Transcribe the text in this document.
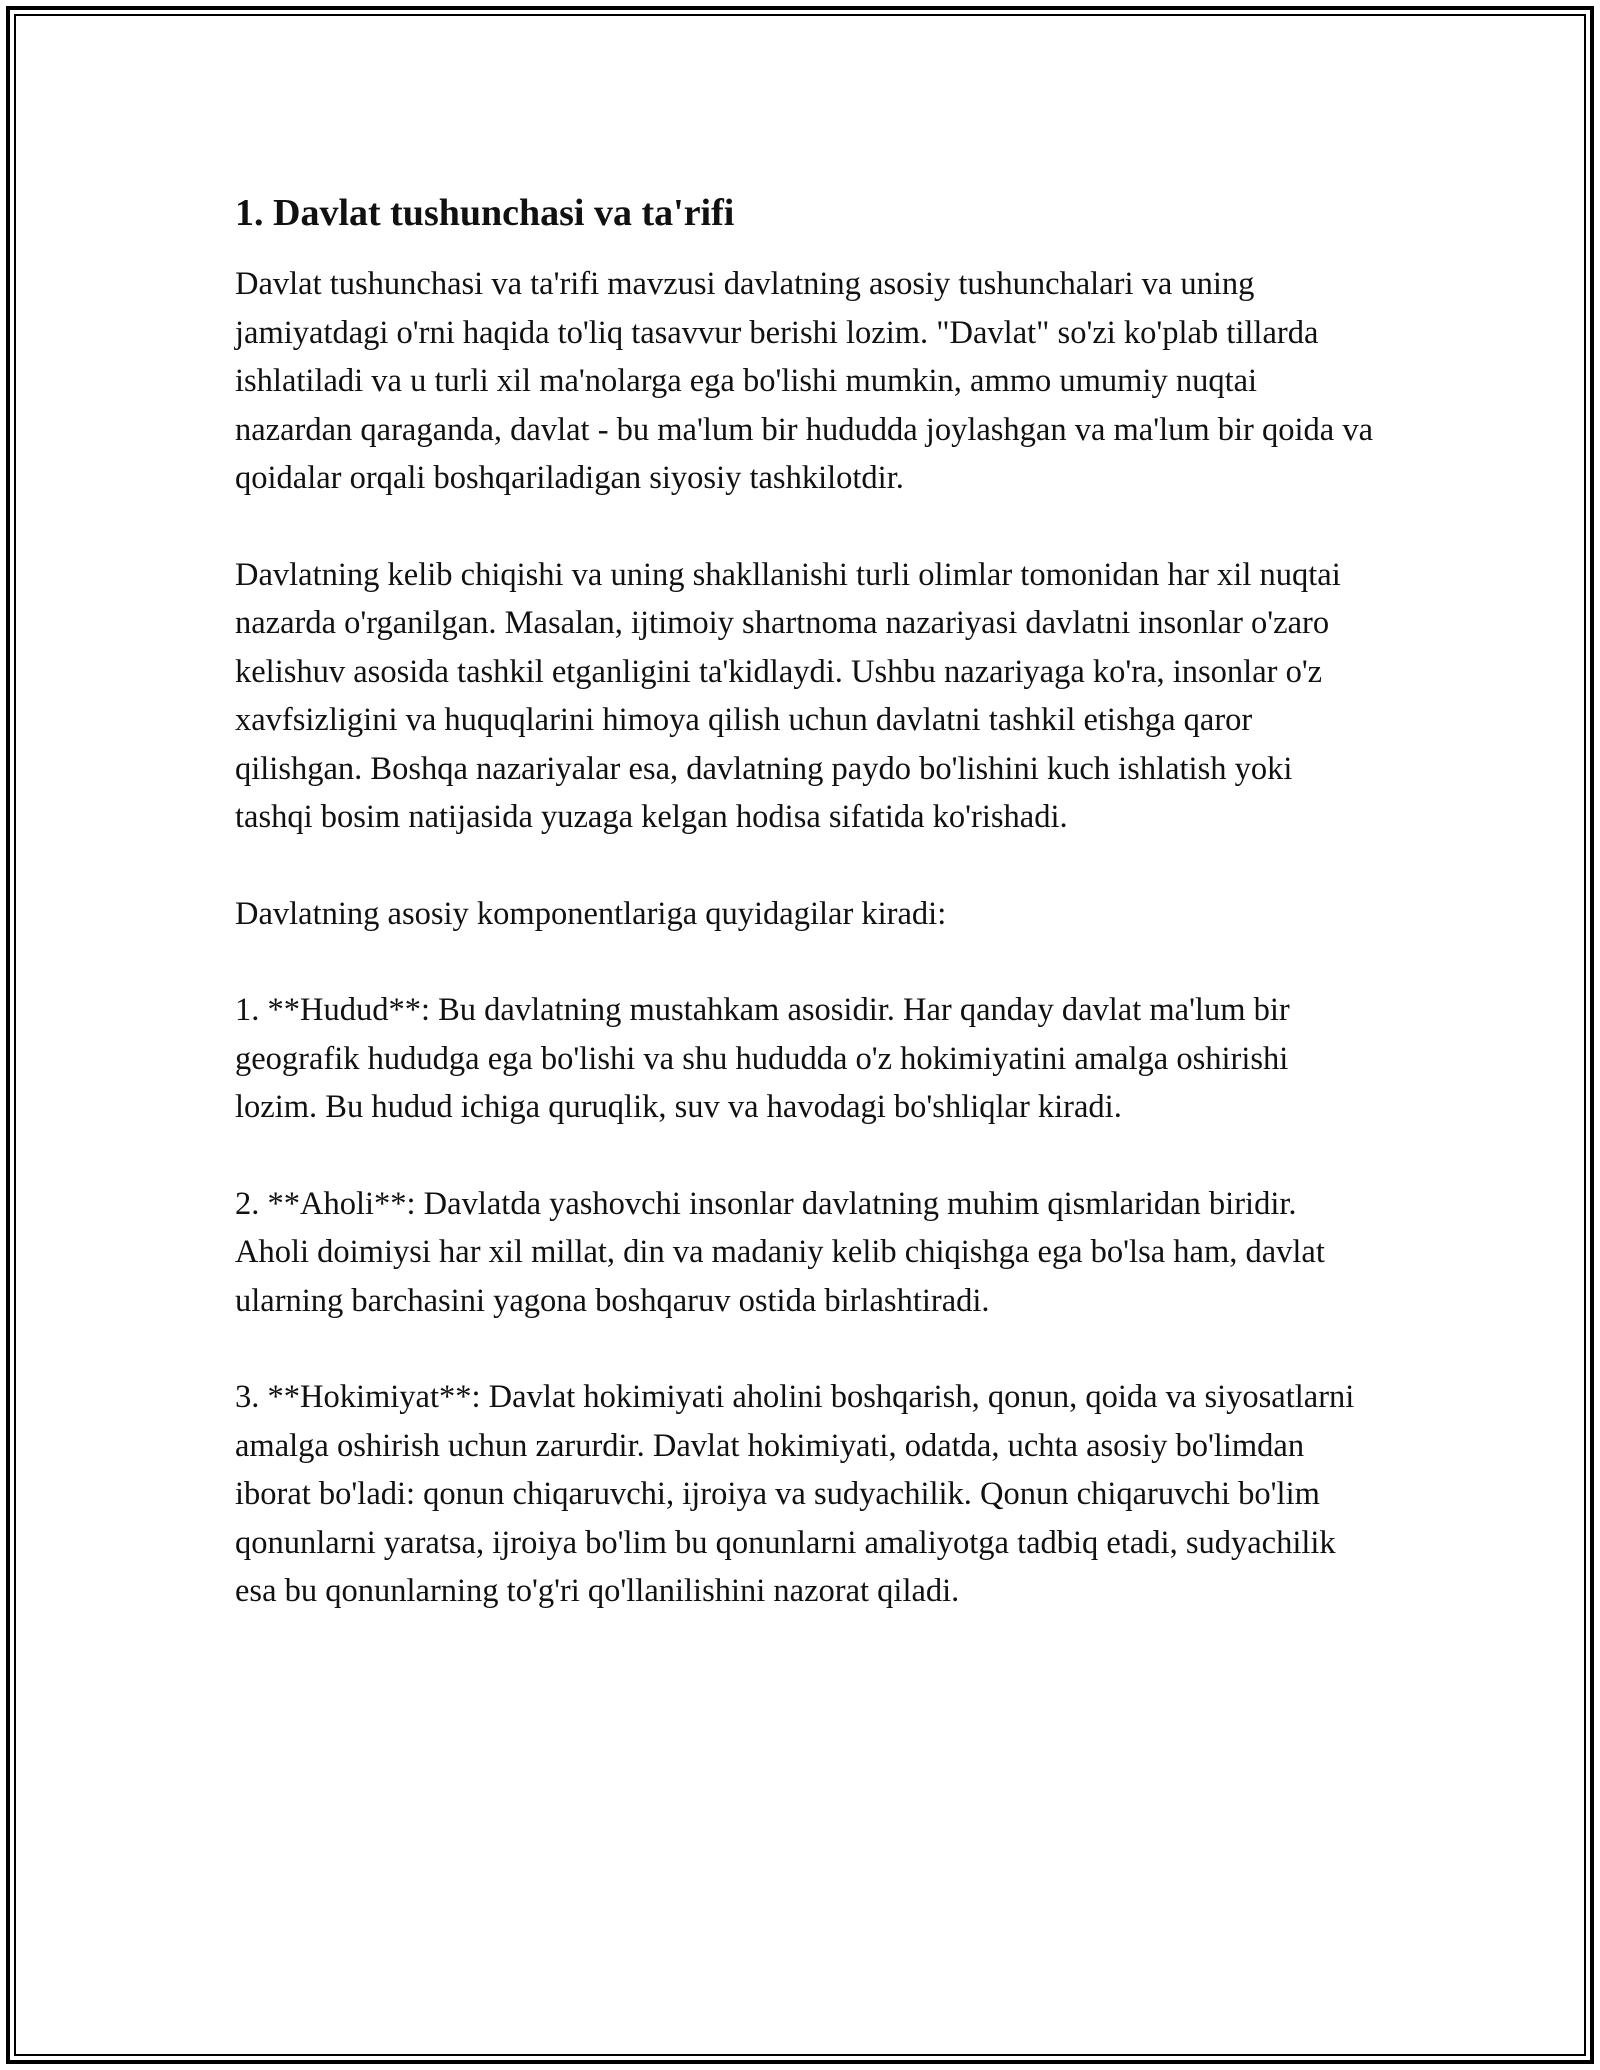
1. Davlat tushunchasi va ta'rifi

Davlat tushunchasi va ta'rifi mavzusi davlatning asosiy tushunchalari va uning jamiyatdagi o'rni haqida to'liq tasavvur berishi lozim. "Davlat" so'zi ko'plab tillarda ishlatiladi va u turli xil ma'nolarga ega bo'lishi mumkin, ammo umumiy nuqtai nazardan qaraganda, davlat - bu ma'lum bir hududda joylashgan va ma'lum bir qoida va qoidalar orqali boshqariladigan siyosiy tashkilotdir.

Davlatning kelib chiqishi va uning shakllanishi turli olimlar tomonidan har xil nuqtai nazarda o'rganilgan. Masalan, ijtimoiy shartnoma nazariyasi davlatni insonlar o'zaro kelishuv asosida tashkil etganligini ta'kidlaydi. Ushbu nazariyaga ko'ra, insonlar o'z xavfsizligini va huquqlarini himoya qilish uchun davlatni tashkil etishga qaror qilishgan. Boshqa nazariyalar esa, davlatning paydo bo'lishini kuch ishlatish yoki tashqi bosim natijasida yuzaga kelgan hodisa sifatida ko'rishadi.

Davlatning asosiy komponentlariga quyidagilar kiradi:

1. **Hudud**: Bu davlatning mustahkam asosidir. Har qanday davlat ma'lum bir geografik hududga ega bo'lishi va shu hududda o'z hokimiyatini amalga oshirishi lozim. Bu hudud ichiga quruqlik, suv va havodagi bo'shliqlar kiradi.

2. **Aholi**: Davlatda yashovchi insonlar davlatning muhim qismlaridan biridir. Aholi doimiysi har xil millat, din va madaniy kelib chiqishga ega bo'lsa ham, davlat ularning barchasini yagona boshqaruv ostida birlashtiradi.

3. **Hokimiyat**: Davlat hokimiyati aholini boshqarish, qonun, qoida va siyosatlarni amalga oshirish uchun zarurdir. Davlat hokimiyati, odatda, uchta asosiy bo'limdan iborat bo'ladi: qonun chiqaruvchi, ijroiya va sudyachilik. Qonun chiqaruvchi bo'lim qonunlarni yaratsa, ijroiya bo'lim bu qonunlarni amaliyotga tadbiq etadi, sudyachilik esa bu qonunlarning to'g'ri qo'llanilishini nazorat qiladi.
